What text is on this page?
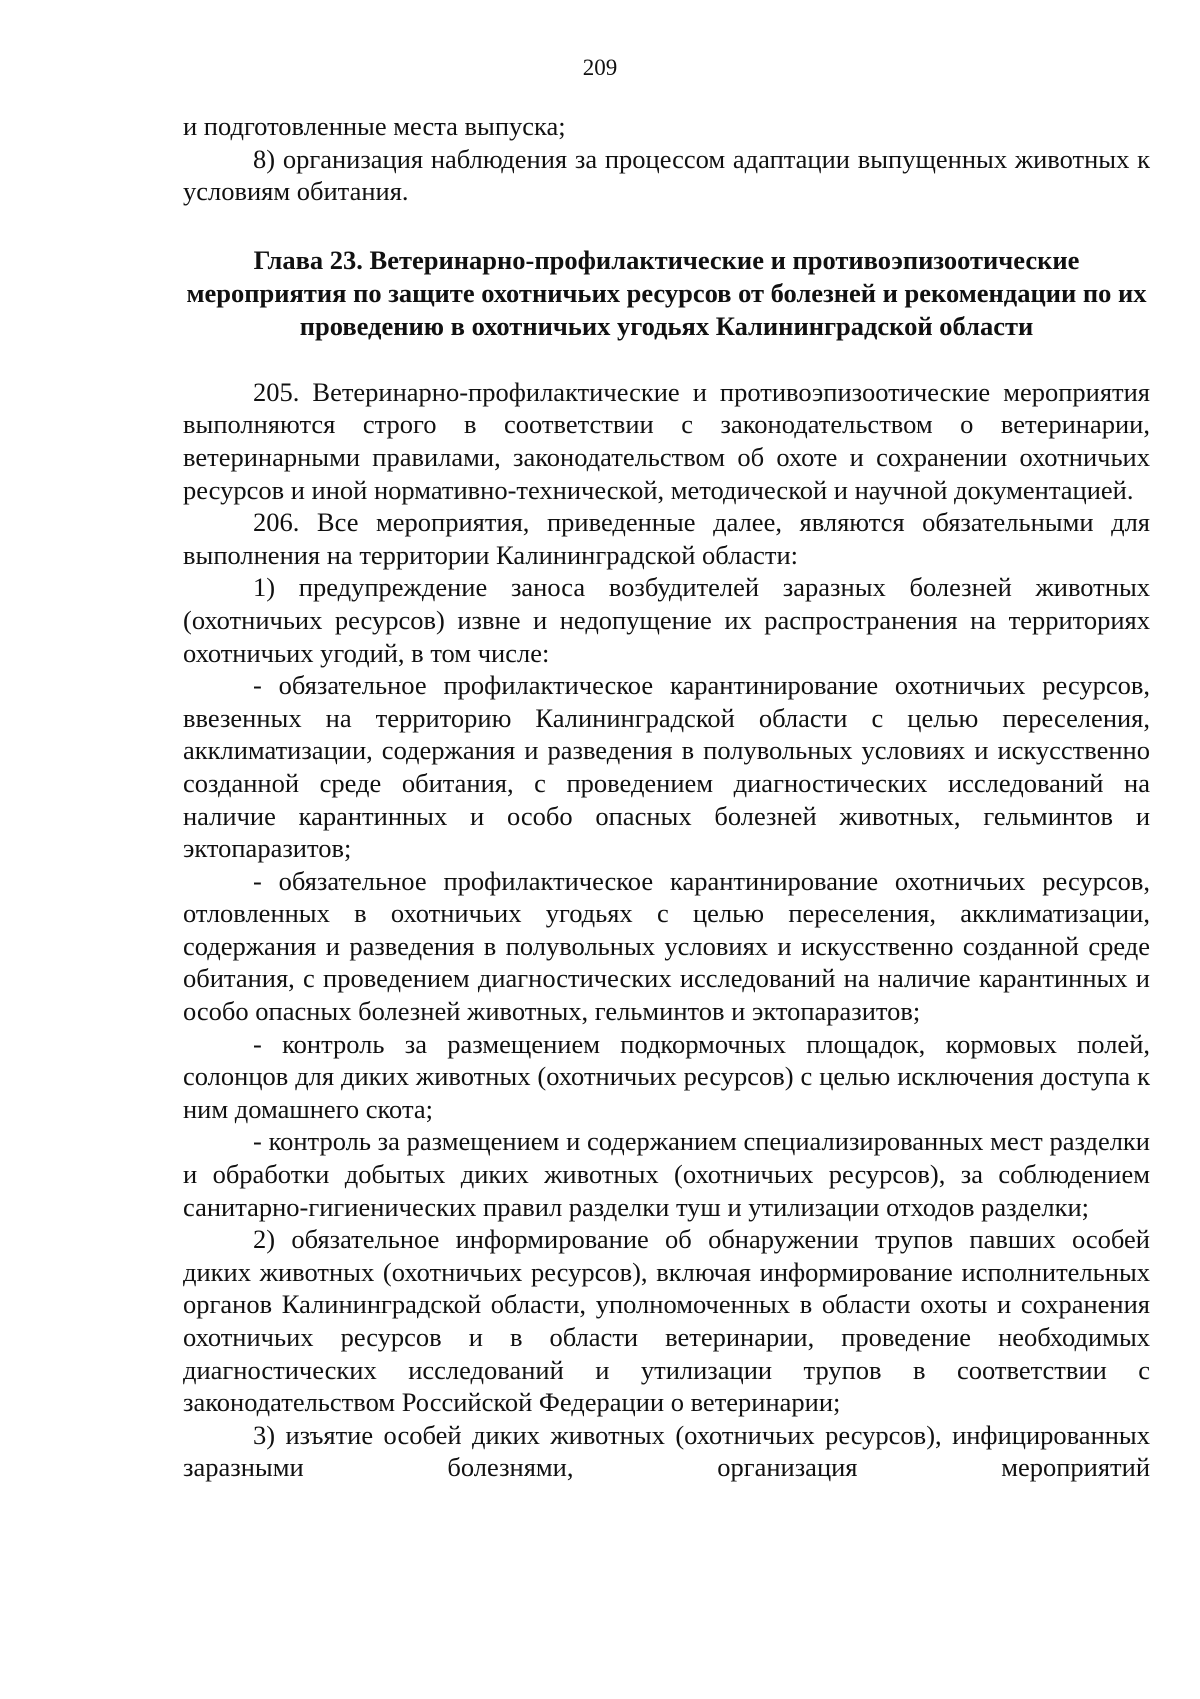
209

и подготовленные места выпуска;

8) организация наблюдения за процессом адаптации выпущенных животных к условиям обитания.

Глава 23. Ветеринарно-профилактические и противоэпизоотические мероприятия по защите охотничьих ресурсов от болезней и рекомендации по их проведению в охотничьих угодьях Калининградской области

205. Ветеринарно-профилактические и противоэпизоотические мероприятия выполняются строго в соответствии с законодательством о ветеринарии, ветеринарными правилами, законодательством об охоте и сохранении охотничьих ресурсов и иной нормативно-технической, методической и научной документацией.

206. Все мероприятия, приведенные далее, являются обязательными для выполнения на территории Калининградской области:

1) предупреждение заноса возбудителей заразных болезней животных (охотничьих ресурсов) извне и недопущение их распространения на территориях охотничьих угодий, в том числе:

- обязательное профилактическое карантинирование охотничьих ресурсов, ввезенных на территорию Калининградской области с целью переселения, акклиматизации, содержания и разведения в полувольных условиях и искусственно созданной среде обитания, с проведением диагностических исследований на наличие карантинных и особо опасных болезней животных, гельминтов и эктопаразитов;

- обязательное профилактическое карантинирование охотничьих ресурсов, отловленных в охотничьих угодьях с целью переселения, акклиматизации, содержания и разведения в полувольных условиях и искусственно созданной среде обитания, с проведением диагностических исследований на наличие карантинных и особо опасных болезней животных, гельминтов и эктопаразитов;

- контроль за размещением подкормочных площадок, кормовых полей, солонцов для диких животных (охотничьих ресурсов) с целью исключения доступа к ним домашнего скота;

- контроль за размещением и содержанием специализированных мест разделки и обработки добытых диких животных (охотничьих ресурсов), за соблюдением санитарно-гигиенических правил разделки туш и утилизации отходов разделки;

2) обязательное информирование об обнаружении трупов павших особей диких животных (охотничьих ресурсов), включая информирование исполнительных органов Калининградской области, уполномоченных в области охоты и сохранения охотничьих ресурсов и в области ветеринарии, проведение необходимых диагностических исследований и утилизации трупов в соответствии с законодательством Российской Федерации о ветеринарии;

3) изъятие особей диких животных (охотничьих ресурсов), инфицированных заразными болезнями, организация мероприятий
